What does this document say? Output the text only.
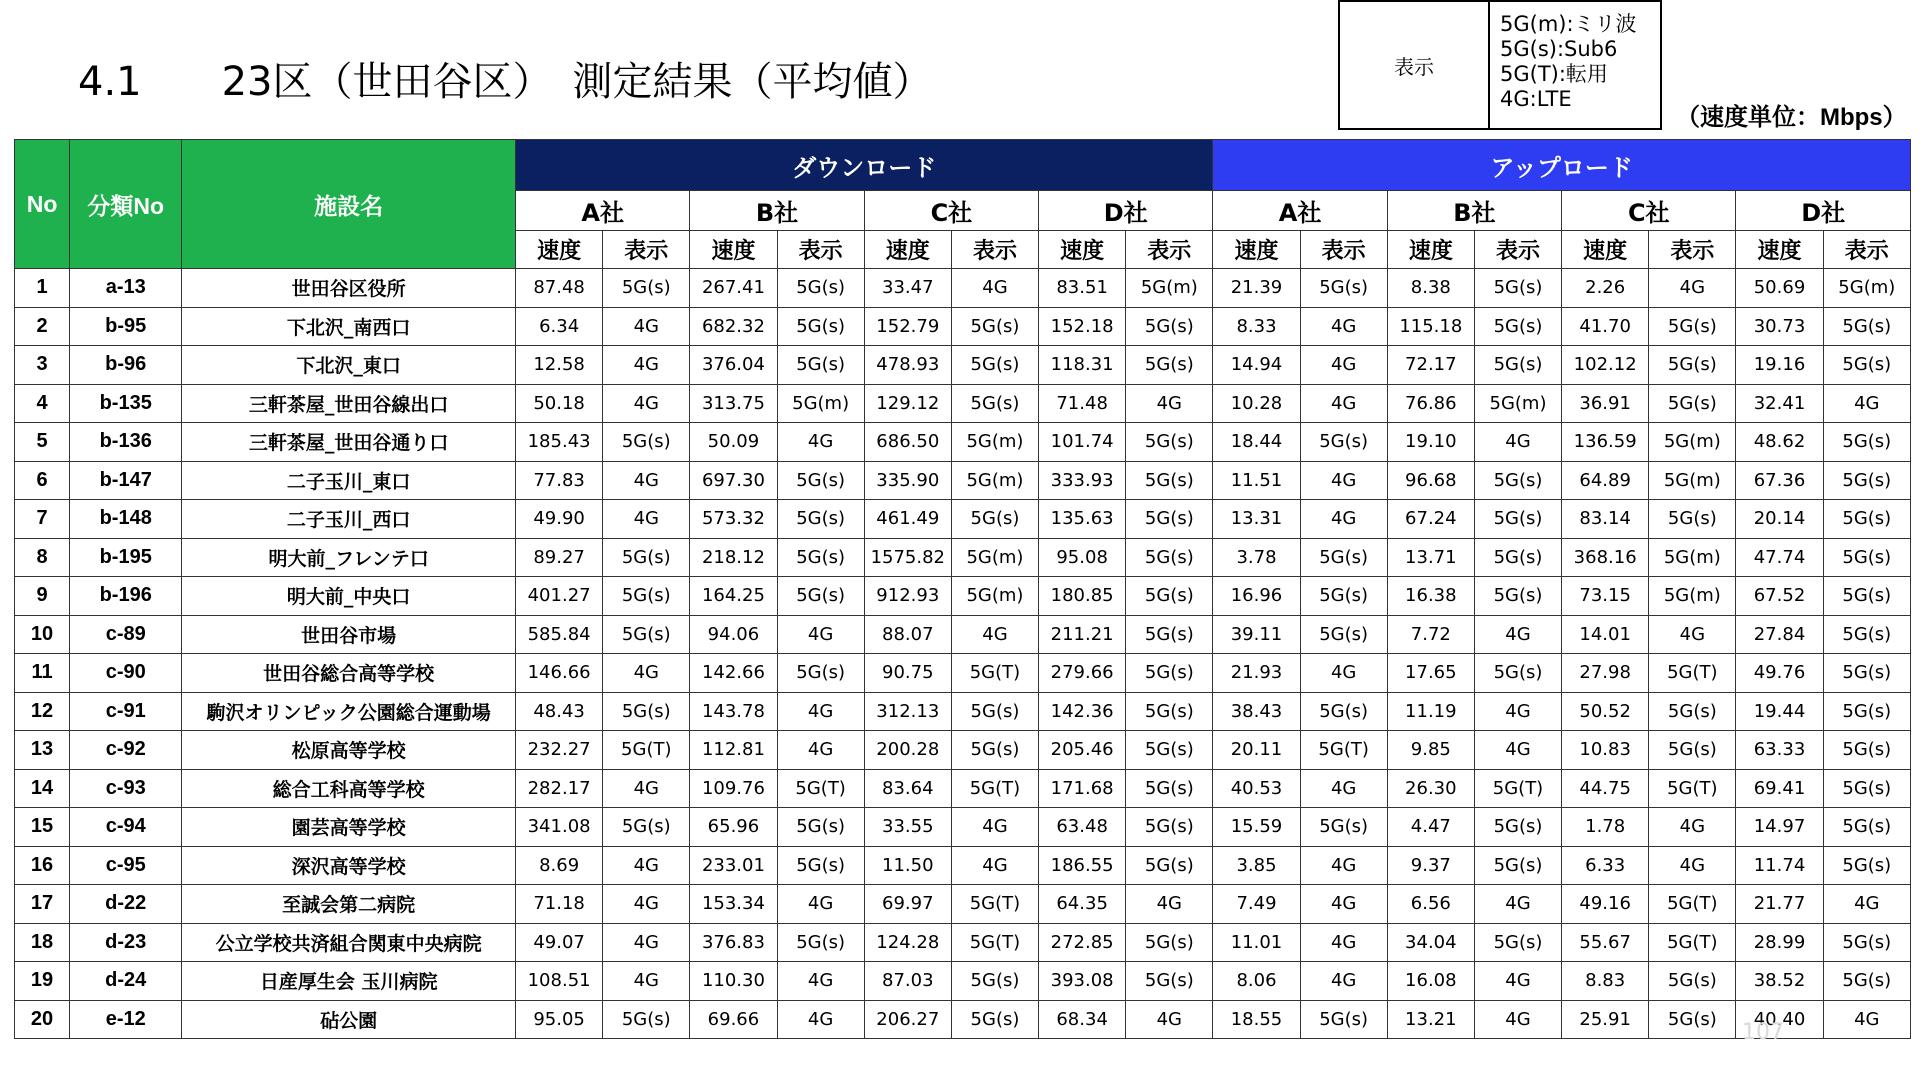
4.1　　23区（世田谷区）　測定結果（平均値）	表示
5G(m):ミリ波
5G(s):Sub6
5G(T):転用
4G:LTE
（速度単位：Mbps）
No	分類No	施設名	ダウンロード								アップロード							
			A社		B社		C社		D社		A社		B社		C社		D社	
			速度	表示	速度	表示	速度	表示	速度	表示	速度	表示	速度	表示	速度	表示	速度	表示
1	a-13	世田谷区役所	87.48	5G(s)	267.41	5G(s)	33.47	4G	83.51	5G(m)	21.39	5G(s)	8.38	5G(s)	2.26	4G	50.69	5G(m)
2	b-95	下北沢_南西口	6.34	4G	682.32	5G(s)	152.79	5G(s)	152.18	5G(s)	8.33	4G	115.18	5G(s)	41.70	5G(s)	30.73	5G(s)
3	b-96	下北沢_東口	12.58	4G	376.04	5G(s)	478.93	5G(s)	118.31	5G(s)	14.94	4G	72.17	5G(s)	102.12	5G(s)	19.16	5G(s)
4	b-135	三軒茶屋_世田谷線出口	50.18	4G	313.75	5G(m)	129.12	5G(s)	71.48	4G	10.28	4G	76.86	5G(m)	36.91	5G(s)	32.41	4G
5	b-136	三軒茶屋_世田谷通り口	185.43	5G(s)	50.09	4G	686.50	5G(m)	101.74	5G(s)	18.44	5G(s)	19.10	4G	136.59	5G(m)	48.62	5G(s)
6	b-147	二子玉川_東口	77.83	4G	697.30	5G(s)	335.90	5G(m)	333.93	5G(s)	11.51	4G	96.68	5G(s)	64.89	5G(m)	67.36	5G(s)
7	b-148	二子玉川_西口	49.90	4G	573.32	5G(s)	461.49	5G(s)	135.63	5G(s)	13.31	4G	67.24	5G(s)	83.14	5G(s)	20.14	5G(s)
8	b-195	明大前_フレンテ口	89.27	5G(s)	218.12	5G(s)	1575.82	5G(m)	95.08	5G(s)	3.78	5G(s)	13.71	5G(s)	368.16	5G(m)	47.74	5G(s)
9	b-196	明大前_中央口	401.27	5G(s)	164.25	5G(s)	912.93	5G(m)	180.85	5G(s)	16.96	5G(s)	16.38	5G(s)	73.15	5G(m)	67.52	5G(s)
10	c-89	世田谷市場	585.84	5G(s)	94.06	4G	88.07	4G	211.21	5G(s)	39.11	5G(s)	7.72	4G	14.01	4G	27.84	5G(s)
11	c-90	世田谷総合高等学校	146.66	4G	142.66	5G(s)	90.75	5G(T)	279.66	5G(s)	21.93	4G	17.65	5G(s)	27.98	5G(T)	49.76	5G(s)
12	c-91	駒沢オリンピック公園総合運動場	48.43	5G(s)	143.78	4G	312.13	5G(s)	142.36	5G(s)	38.43	5G(s)	11.19	4G	50.52	5G(s)	19.44	5G(s)
13	c-92	松原高等学校	232.27	5G(T)	112.81	4G	200.28	5G(s)	205.46	5G(s)	20.11	5G(T)	9.85	4G	10.83	5G(s)	63.33	5G(s)
14	c-93	総合工科高等学校	282.17	4G	109.76	5G(T)	83.64	5G(T)	171.68	5G(s)	40.53	4G	26.30	5G(T)	44.75	5G(T)	69.41	5G(s)
15	c-94	園芸高等学校	341.08	5G(s)	65.96	5G(s)	33.55	4G	63.48	5G(s)	15.59	5G(s)	4.47	5G(s)	1.78	4G	14.97	5G(s)
16	c-95	深沢高等学校	8.69	4G	233.01	5G(s)	11.50	4G	186.55	5G(s)	3.85	4G	9.37	5G(s)	6.33	4G	11.74	5G(s)
17	d-22	至誠会第二病院	71.18	4G	153.34	4G	69.97	5G(T)	64.35	4G	7.49	4G	6.56	4G	49.16	5G(T)	21.77	4G
18	d-23	公立学校共済組合関東中央病院	49.07	4G	376.83	5G(s)	124.28	5G(T)	272.85	5G(s)	11.01	4G	34.04	5G(s)	55.67	5G(T)	28.99	5G(s)
19	d-24	日産厚生会 玉川病院	108.51	4G	110.30	4G	87.03	5G(s)	393.08	5G(s)	8.06	4G	16.08	4G	8.83	5G(s)	38.52	5G(s)
20	e-12	砧公園	95.05	5G(s)	69.66	4G	206.27	5G(s)	68.34	4G	18.55	5G(s)	13.21	4G	25.91	5G(s)	40.40	4G
107
